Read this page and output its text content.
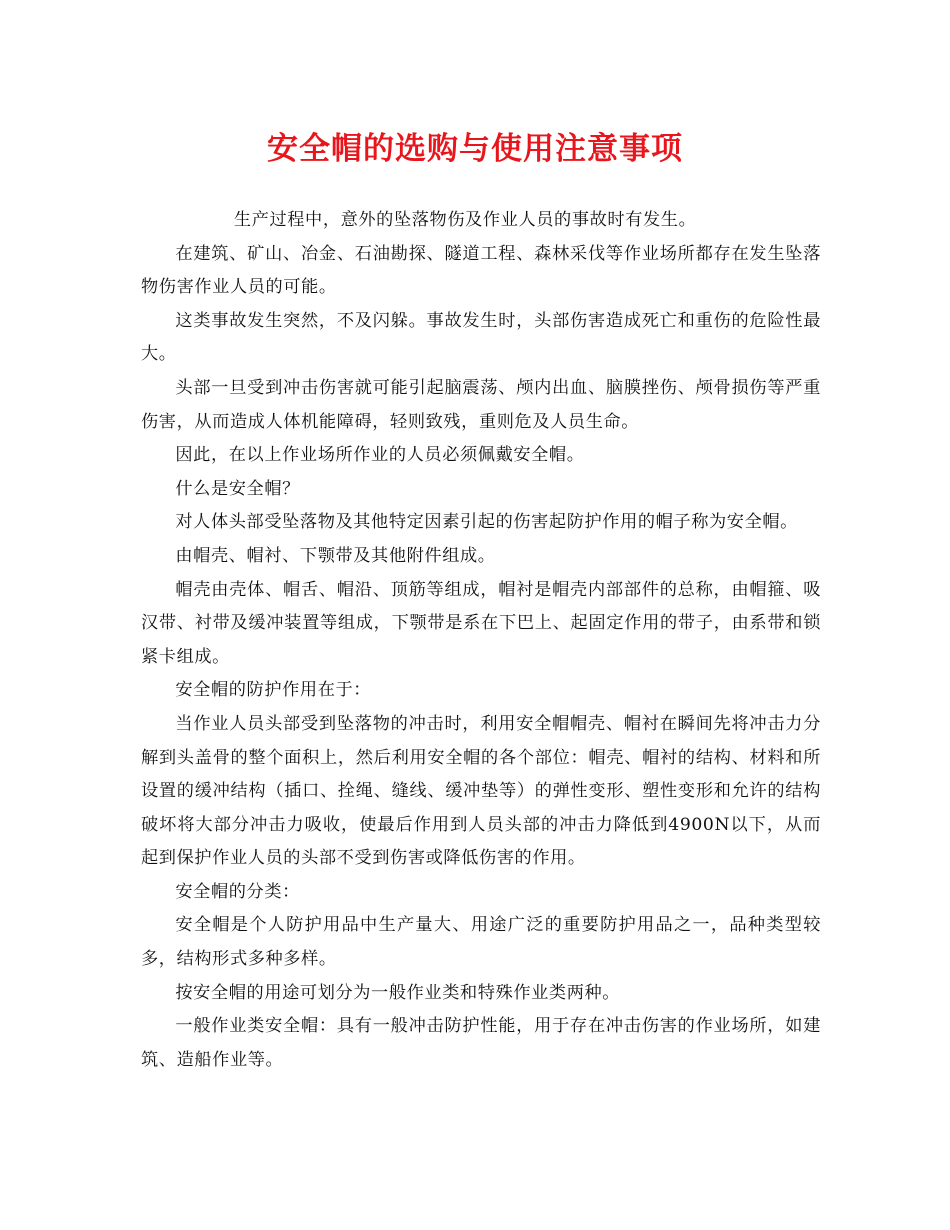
安全帽的选购与使用注意事项

生产过程中，意外的坠落物伤及作业人员的事故时有发生。

在建筑、矿山、冶金、石油勘探、隧道工程、森林采伐等作业场所都存在发生坠落物伤害作业人员的可能。

这类事故发生突然，不及闪躲。事故发生时，头部伤害造成死亡和重伤的危险性最大。

头部一旦受到冲击伤害就可能引起脑震荡、颅内出血、脑膜挫伤、颅骨损伤等严重伤害，从而造成人体机能障碍，轻则致残，重则危及人员生命。

因此，在以上作业场所作业的人员必须佩戴安全帽。

什么是安全帽？

对人体头部受坠落物及其他特定因素引起的伤害起防护作用的帽子称为安全帽。

由帽壳、帽衬、下颚带及其他附件组成。

帽壳由壳体、帽舌、帽沿、顶筋等组成，帽衬是帽壳内部部件的总称，由帽箍、吸汉带、衬带及缓冲装置等组成，下颚带是系在下巴上、起固定作用的带子，由系带和锁紧卡组成。

安全帽的防护作用在于：

当作业人员头部受到坠落物的冲击时，利用安全帽帽壳、帽衬在瞬间先将冲击力分解到头盖骨的整个面积上，然后利用安全帽的各个部位：帽壳、帽衬的结构、材料和所设置的缓冲结构（插口、拴绳、缝线、缓冲垫等）的弹性变形、塑性变形和允许的结构破坏将大部分冲击力吸收，使最后作用到人员头部的冲击力降低到4900N以下，从而起到保护作业人员的头部不受到伤害或降低伤害的作用。

安全帽的分类：

安全帽是个人防护用品中生产量大、用途广泛的重要防护用品之一，品种类型较多，结构形式多种多样。

按安全帽的用途可划分为一般作业类和特殊作业类两种。

一般作业类安全帽：具有一般冲击防护性能，用于存在冲击伤害的作业场所，如建筑、造船作业等。
